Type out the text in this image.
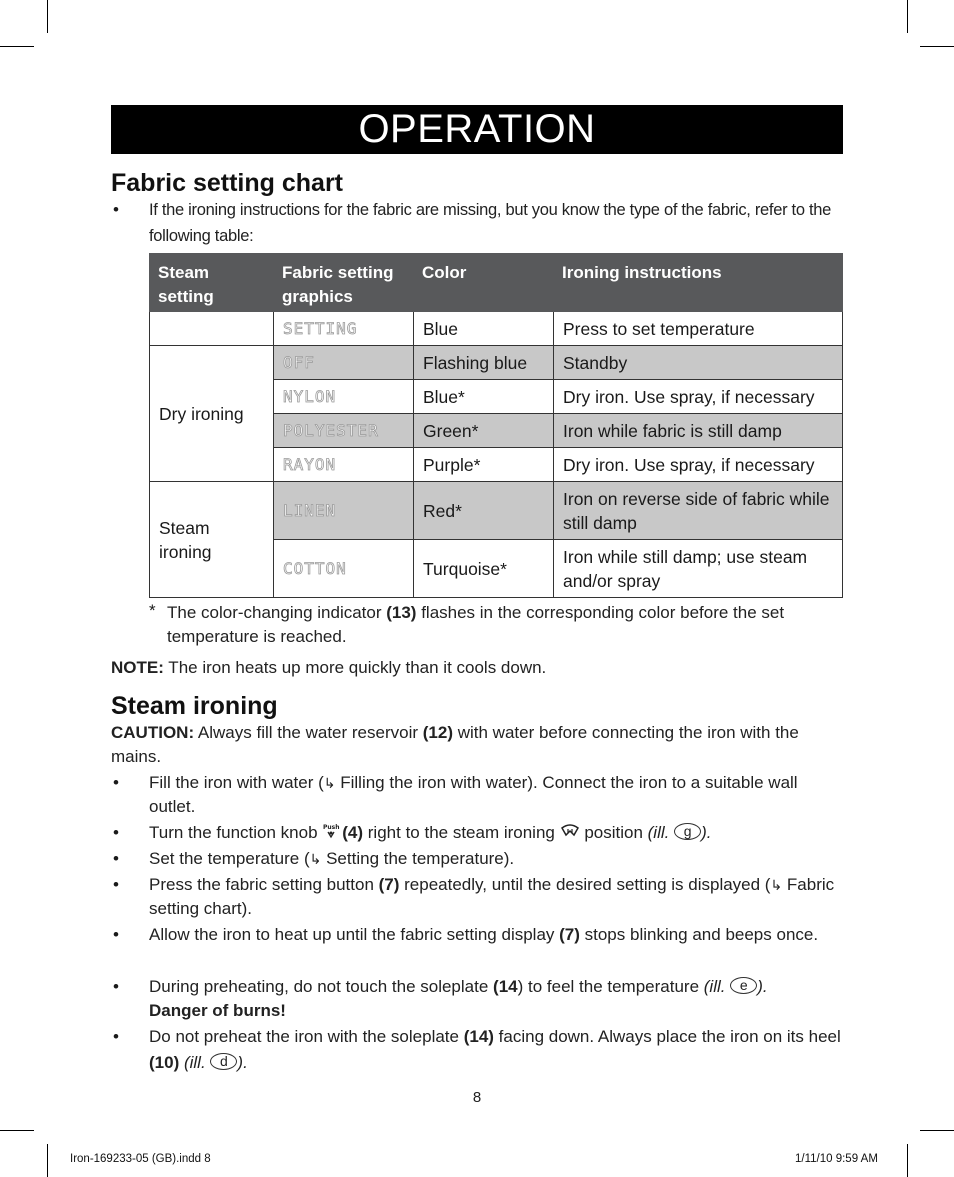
OPERATION
Fabric setting chart
• If the ironing instructions for the fabric are missing, but you know the type of the fabric, refer to the following table:
Steam setting	Fabric setting graphics	Color	Ironing instructions
	SETTING	Blue	Press to set temperature
Dry ironing	OFF	Flashing blue	Standby
	NYLON	Blue*	Dry iron. Use spray, if necessary
	POLYESTER	Green*	Iron while fabric is still damp
	RAYON	Purple*	Dry iron. Use spray, if necessary

Steam ironing	LINEN	Red*	Iron on reverse side of fabric while still damp
	COTTON	Turquoise*	Iron while still damp; use steam and/or spray
* The color-changing indicator (13) flashes in the corresponding color before the set temperature is reached.
NOTE: The iron heats up more quickly than it cools down.
Steam ironing
CAUTION: Always fill the water reservoir (12) with water before connecting the iron with the mains.
• Fill the iron with water (↳ Filling the iron with water). Connect the iron to a suitable wall outlet.
• Turn the function knob Push (4) right to the steam ironing  position (ill. g ).
• Set the temperature (↳ Setting the temperature).
• Press the fabric setting button (7) repeatedly, until the desired setting is displayed (↳ Fabric setting chart).
• Allow the iron to heat up until the fabric setting display (7) stops blinking and beeps once.
• During preheating, do not touch the soleplate (14) to feel the temperature (ill. e ).
Danger of burns!
• Do not preheat the iron with the soleplate (14) facing down. Always place the iron on its heel (10) (ill. d ).
8
Iron-169233-05 (GB).indd 8	1/11/10 9:59 AM
